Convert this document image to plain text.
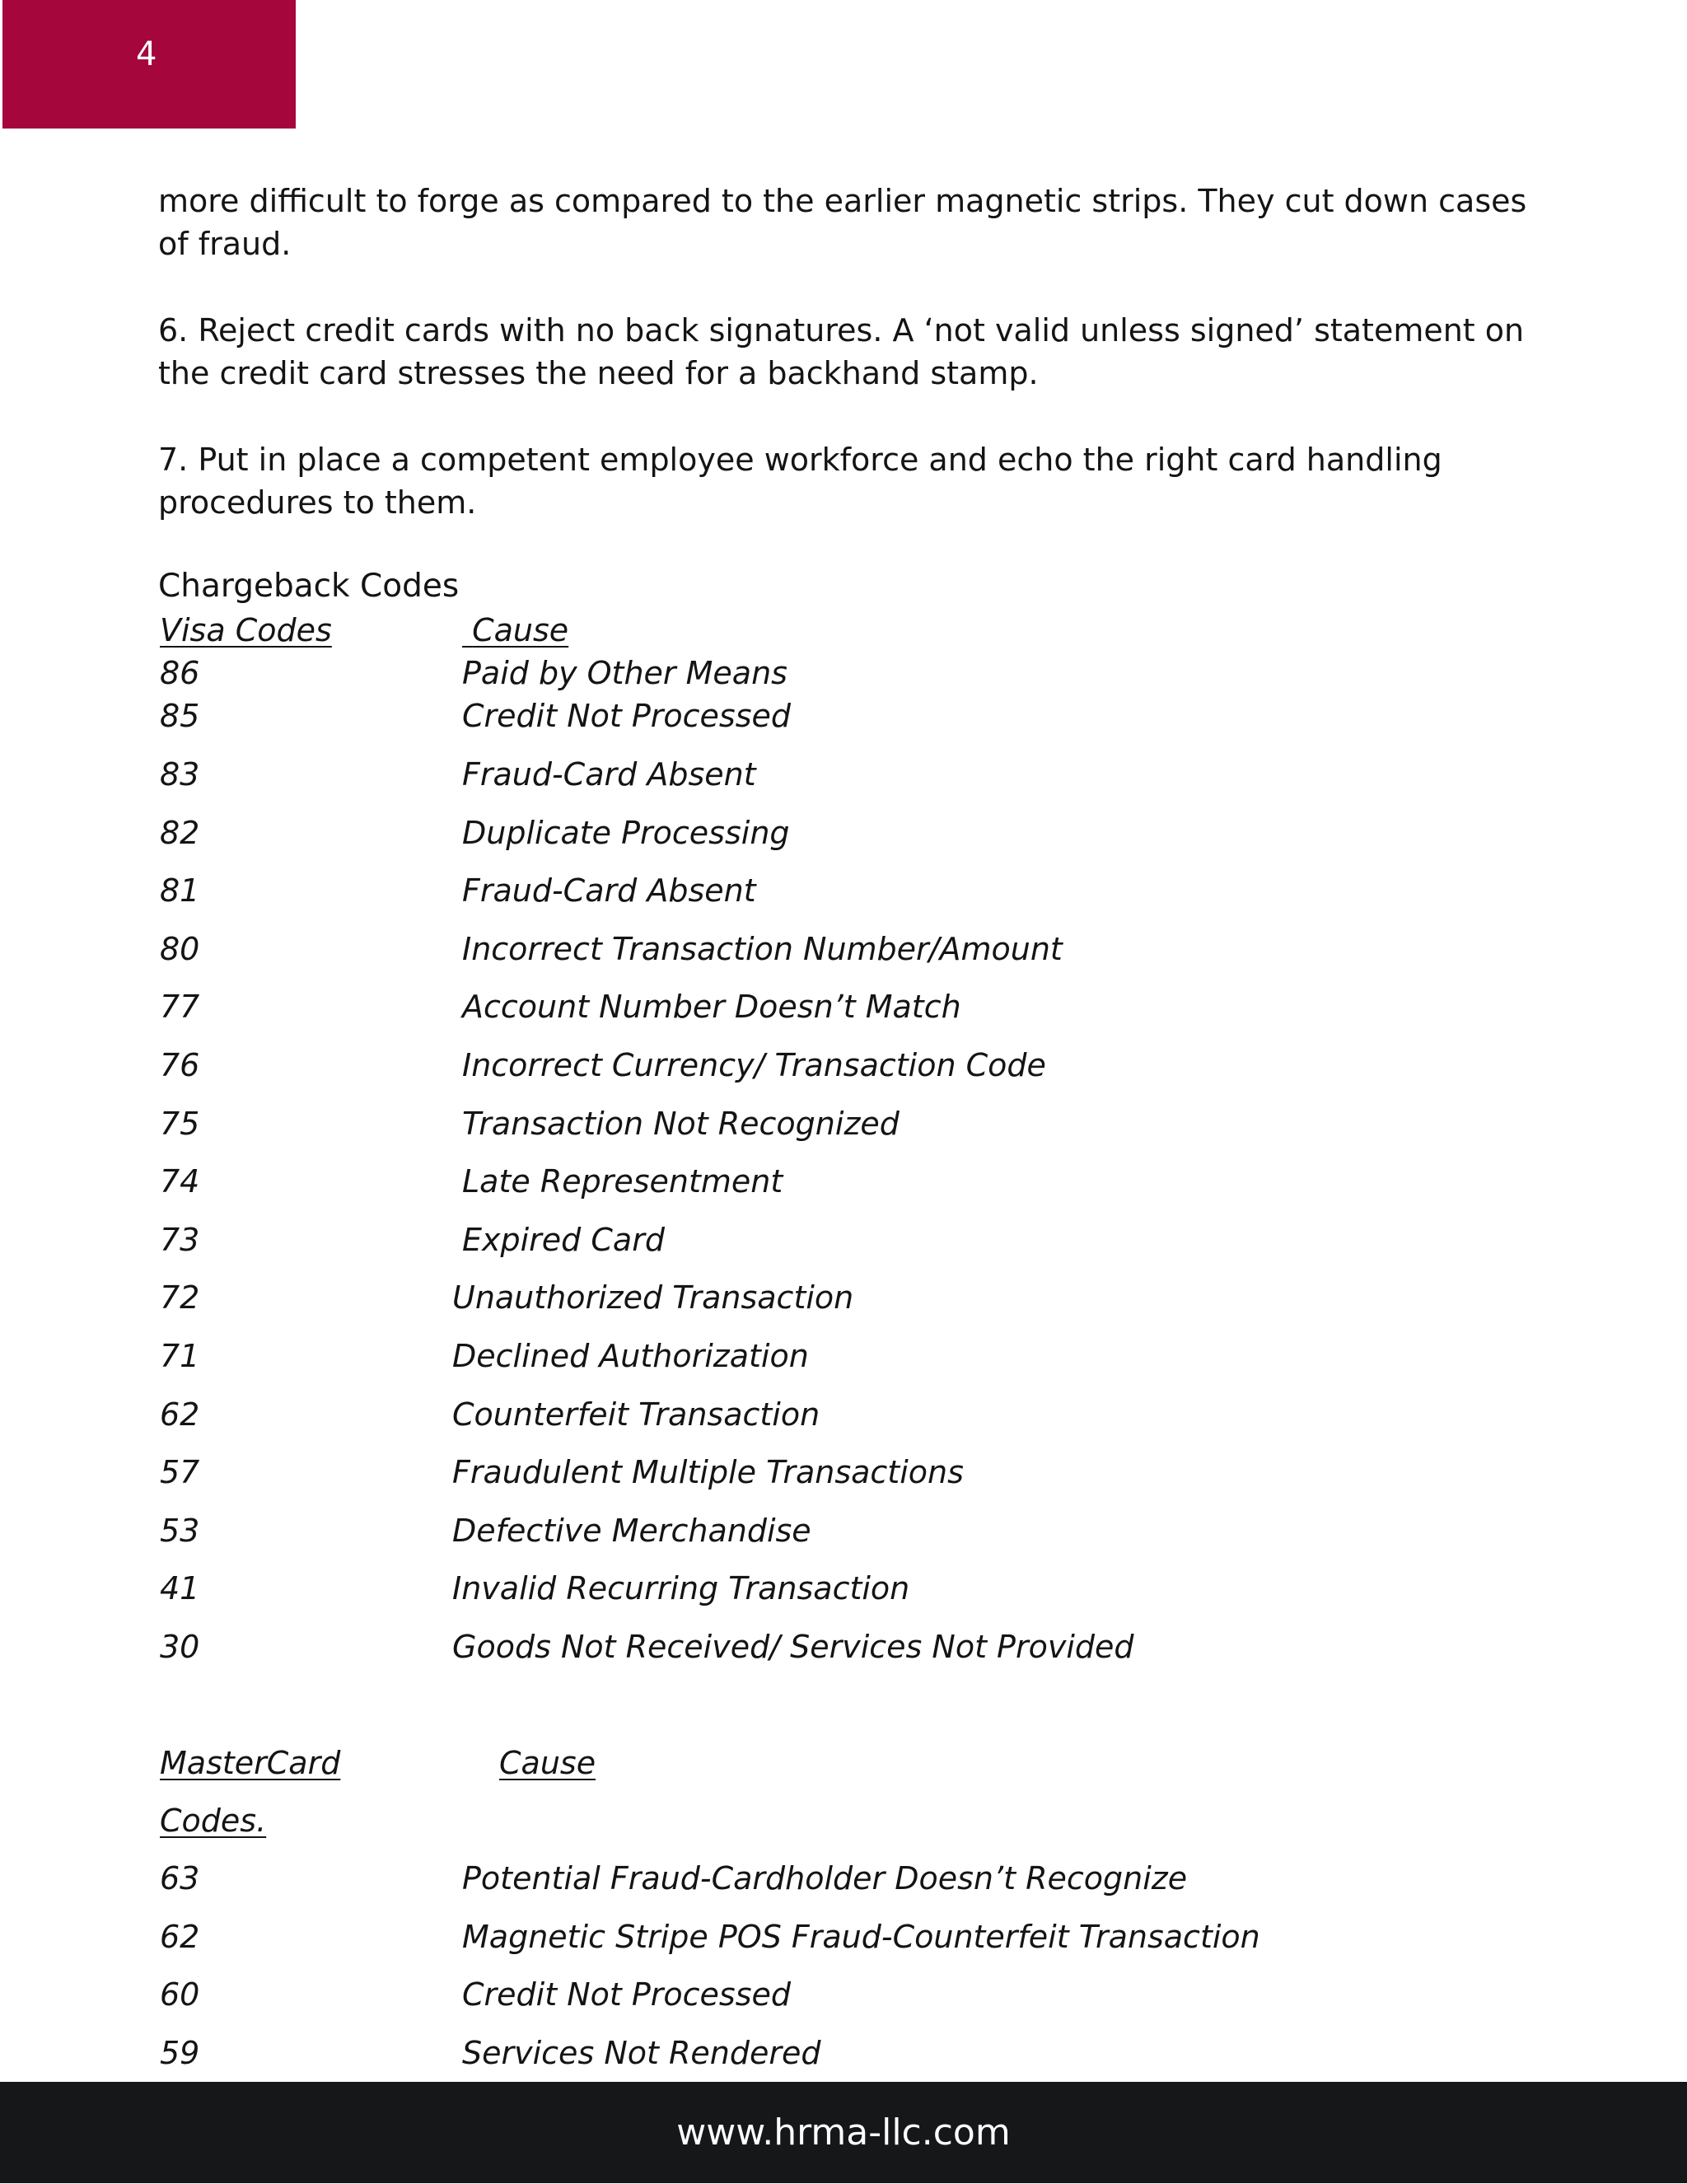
4

more difficult to forge as compared to the earlier magnetic strips. They cut down cases of fraud.

6. Reject credit cards with no back signatures. A ‘not valid unless signed’ statement on the credit card stresses the need for a backhand stamp.

7. Put in place a competent employee workforce and echo the right card handling procedures to them.

Chargeback Codes
Visa Codes	Cause
86	Paid by Other Means
85	Credit Not Processed
83	Fraud-Card Absent
82	Duplicate Processing
81	Fraud-Card Absent
80	Incorrect Transaction Number/Amount
77	Account Number Doesn’t Match
76	Incorrect Currency/ Transaction Code
75	Transaction Not Recognized
74	Late Representment
73	Expired Card
72	Unauthorized Transaction
71	Declined Authorization
62	Counterfeit Transaction
57	Fraudulent Multiple Transactions
53	Defective Merchandise
41	Invalid Recurring Transaction
30	Goods Not Received/ Services Not Provided
MasterCard	Cause
Codes.
63	Potential Fraud-Cardholder Doesn’t Recognize
62	Magnetic Stripe POS Fraud-Counterfeit Transaction
60	Credit Not Processed
59	Services Not Rendered
www.hrma-llc.com
